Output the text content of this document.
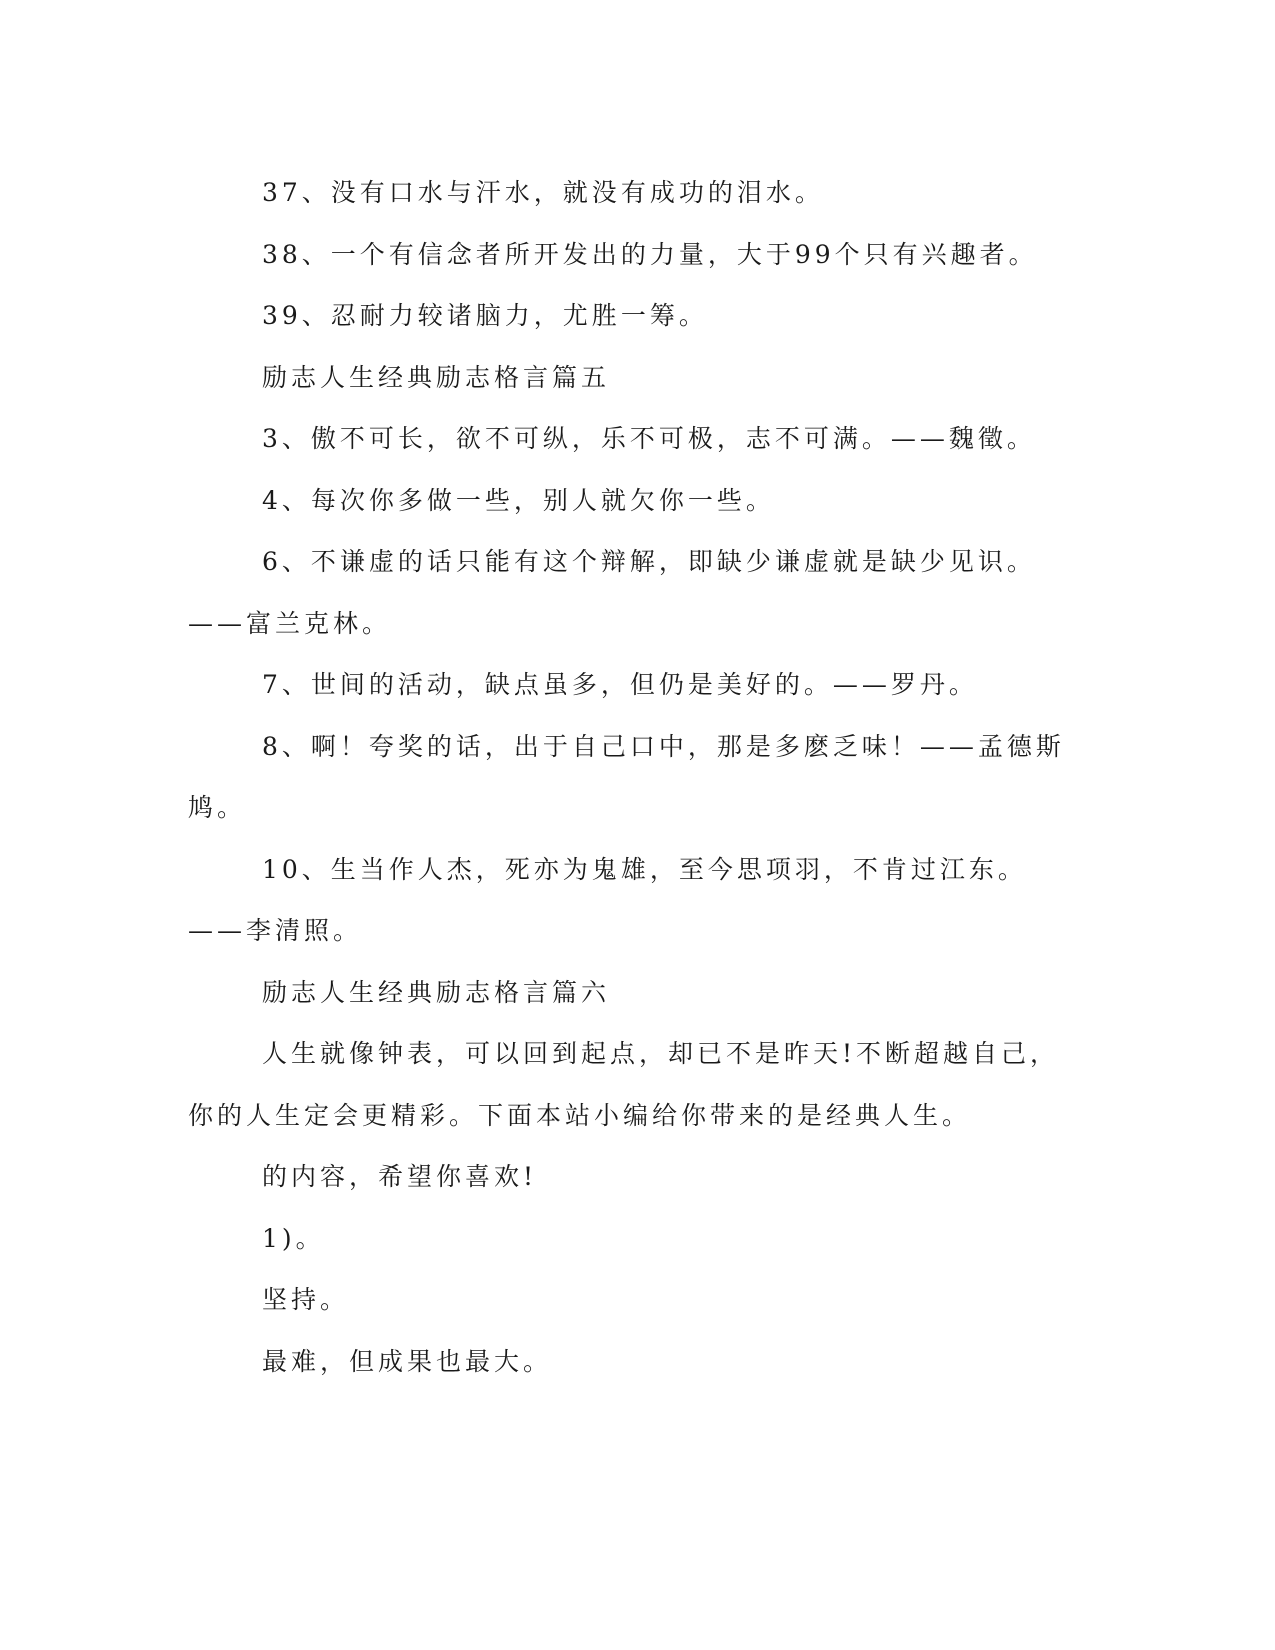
37、没有口水与汗水，就没有成功的泪水。

38、一个有信念者所开发出的力量，大于99个只有兴趣者。

39、忍耐力较诸脑力，尤胜一筹。

励志人生经典励志格言篇五

3、傲不可长，欲不可纵，乐不可极，志不可满。——魏徵。

4、每次你多做一些，别人就欠你一些。

6、不谦虚的话只能有这个辩解，即缺少谦虚就是缺少见识。——富兰克林。

7、世间的活动，缺点虽多，但仍是美好的。——罗丹。

8、啊！夸奖的话，出于自己口中，那是多麽乏味！——孟德斯鸠。

10、生当作人杰，死亦为鬼雄，至今思项羽，不肯过江东。——李清照。

励志人生经典励志格言篇六

人生就像钟表，可以回到起点，却已不是昨天!不断超越自己，你的人生定会更精彩。下面本站小编给你带来的是经典人生。

的内容，希望你喜欢!

1)。

坚持。

最难，但成果也最大。
